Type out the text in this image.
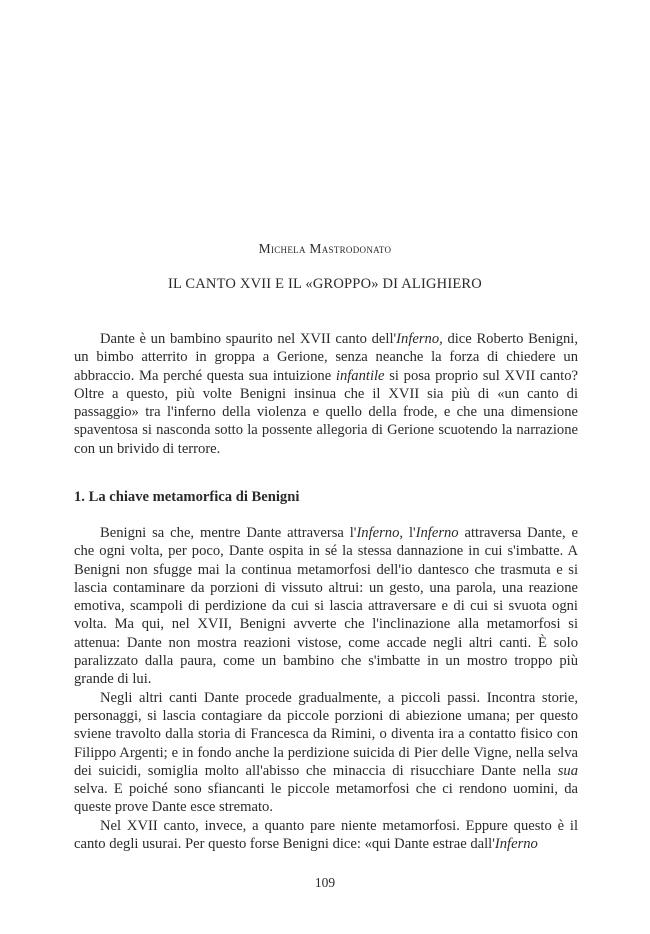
Michela Mastrodonato
IL CANTO XVII E IL «GROPPO» DI ALIGHIERO

Dante è un bambino spaurito nel XVII canto dell'Inferno, dice Roberto Benigni, un bimbo atterrito in groppa a Gerione, senza neanche la forza di chiedere un abbraccio. Ma perché questa sua intuizione infantile si posa proprio sul XVII canto? Oltre a questo, più volte Benigni insinua che il XVII sia più di «un canto di passaggio» tra l'inferno della violenza e quello della frode, e che una dimensione spaventosa si nasconda sotto la possente allegoria di Gerione scuotendo la narrazione con un brivido di terrore.

1. La chiave metamorfica di Benigni

Benigni sa che, mentre Dante attraversa l'Inferno, l'Inferno attraversa Dante, e che ogni volta, per poco, Dante ospita in sé la stessa dannazione in cui s'imbatte. A Benigni non sfugge mai la continua metamorfosi dell'io dantesco che trasmuta e si lascia contaminare da porzioni di vissuto altrui: un gesto, una parola, una reazione emotiva, scampoli di perdizione da cui si lascia attraversare e di cui si svuota ogni volta. Ma qui, nel XVII, Benigni avverte che l'inclinazione alla metamorfosi si attenua: Dante non mostra reazioni vistose, come accade negli altri canti. È solo paralizzato dalla paura, come un bambino che s'imbatte in un mostro troppo più grande di lui.

Negli altri canti Dante procede gradualmente, a piccoli passi. Incontra storie, personaggi, si lascia contagiare da piccole porzioni di abiezione umana; per questo sviene travolto dalla storia di Francesca da Rimini, o diventa ira a contatto fisico con Filippo Argenti; e in fondo anche la perdizione suicida di Pier delle Vigne, nella selva dei suicidi, somiglia molto all'abisso che minaccia di risucchiare Dante nella sua selva. E poiché sono sfiancanti le piccole metamorfosi che ci rendono uomini, da queste prove Dante esce stremato.

Nel XVII canto, invece, a quanto pare niente metamorfosi. Eppure questo è il canto degli usurai. Per questo forse Benigni dice: «qui Dante estrae dall'Inferno

109
